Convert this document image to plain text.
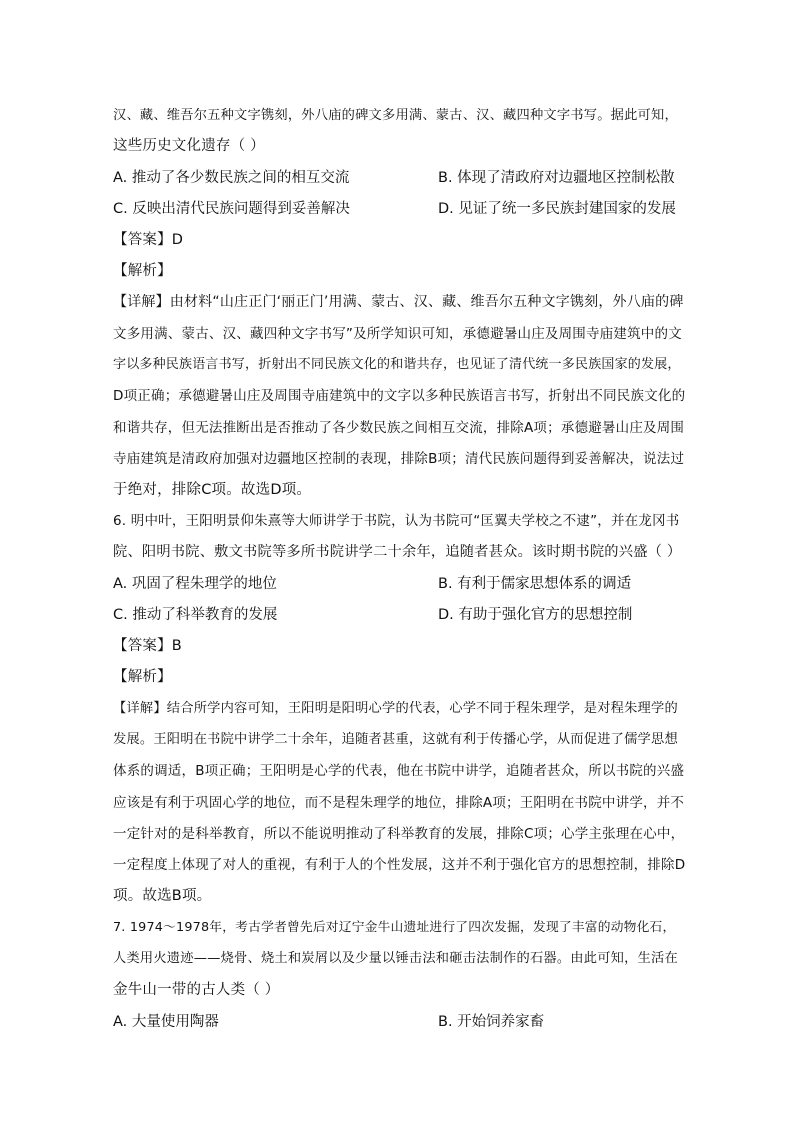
汉、藏、维吾尔五种文字镌刻，外八庙的碑文多用满、蒙古、汉、藏四种文字书写。据此可知，
这些历史文化遗存（ ）
A. 推动了各少数民族之间的相互交流	B. 体现了清政府对边疆地区控制松散
C. 反映出清代民族问题得到妥善解决	D. 见证了统一多民族封建国家的发展
【答案】D
【解析】
【详解】由材料“山庄正门‘丽正门’用满、蒙古、汉、藏、维吾尔五种文字镌刻，外八庙的碑
文多用满、蒙古、汉、藏四种文字书写”及所学知识可知，承德避暑山庄及周围寺庙建筑中的文
字以多种民族语言书写，折射出不同民族文化的和谐共存，也见证了清代统一多民族国家的发展，
D项正确；承德避暑山庄及周围寺庙建筑中的文字以多种民族语言书写，折射出不同民族文化的
和谐共存，但无法推断出是否推动了各少数民族之间相互交流，排除A项；承德避暑山庄及周围
寺庙建筑是清政府加强对边疆地区控制的表现，排除B项；清代民族问题得到妥善解决，说法过
于绝对，排除C项。故选D项。
6. 明中叶，王阳明景仰朱熹等大师讲学于书院，认为书院可“匡翼夫学校之不逮”，并在龙冈书
院、阳明书院、敷文书院等多所书院讲学二十余年，追随者甚众。该时期书院的兴盛（ ）
A. 巩固了程朱理学的地位	B. 有利于儒家思想体系的调适
C. 推动了科举教育的发展	D. 有助于强化官方的思想控制
【答案】B
【解析】
【详解】结合所学内容可知，王阳明是阳明心学的代表，心学不同于程朱理学，是对程朱理学的
发展。王阳明在书院中讲学二十余年，追随者甚重，这就有利于传播心学，从而促进了儒学思想
体系的调适，B项正确；王阳明是心学的代表，他在书院中讲学，追随者甚众，所以书院的兴盛
应该是有利于巩固心学的地位，而不是程朱理学的地位，排除A项；王阳明在书院中讲学，并不
一定针对的是科举教育，所以不能说明推动了科举教育的发展，排除C项；心学主张理在心中，
一定程度上体现了对人的重视，有利于人的个性发展，这并不利于强化官方的思想控制，排除D
项。故选B项。
7. 1974～1978年，考古学者曾先后对辽宁金牛山遗址进行了四次发掘，发现了丰富的动物化石，
人类用火遗迹——烧骨、烧土和炭屑以及少量以锤击法和砸击法制作的石器。由此可知，生活在
金牛山一带的古人类（ ）
A. 大量使用陶器	B. 开始饲养家畜
